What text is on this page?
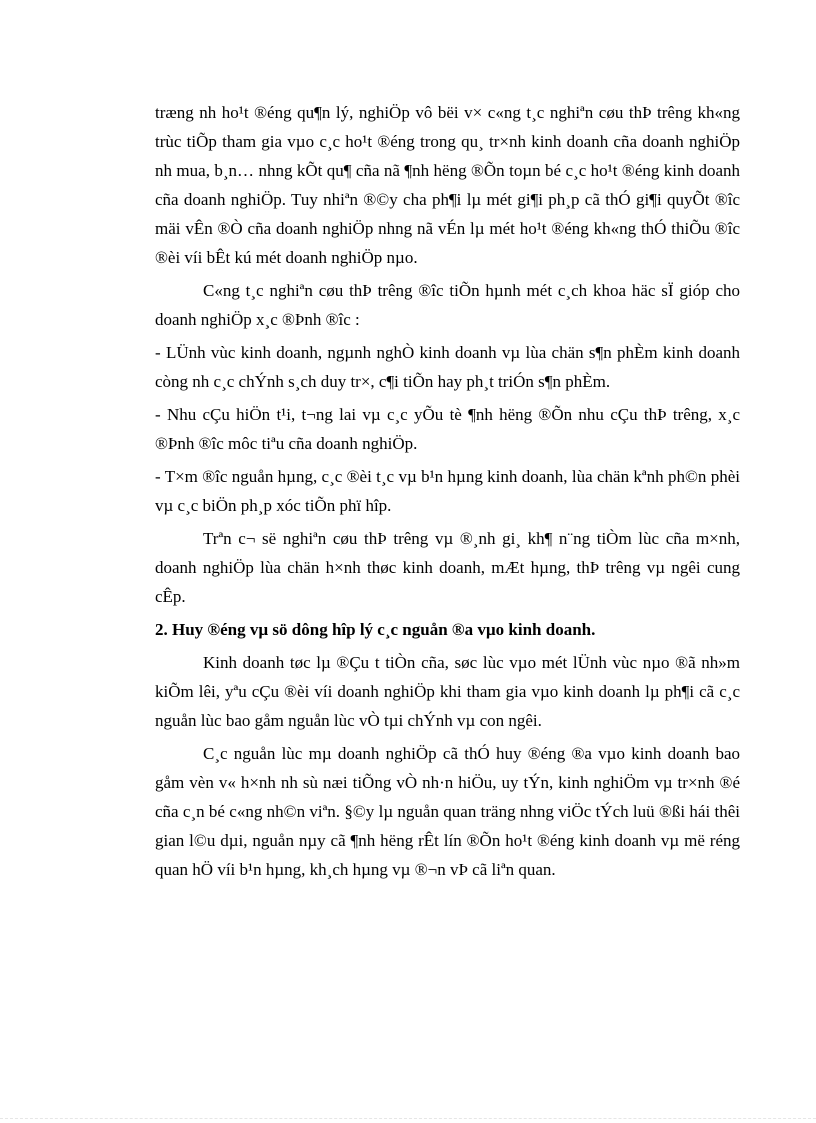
træng nh ho¹t ®éng qu¶n lý, nghiÖp vô bëi v× c«ng t¸c nghiªn cøu thÞ trêng kh«ng trùc tiÕp tham gia vµo c¸c ho¹t ®éng trong qu¸ tr×nh kinh doanh cña doanh nghiÖp nh mua, b¸n… nhng kÕt qu¶ cña nã ¶nh hëng ®Õn toµn bé c¸c ho¹t ®éng kinh doanh cña doanh nghiÖp. Tuy nhiªn ®©y cha ph¶i lµ mét gi¶i ph¸p cã thÓ gi¶i quyÕt ®îc mäi vÊn ®Ò cña doanh nghiÖp nhng nã vÉn lµ mét ho¹t ®éng kh«ng thÓ thiÕu ®îc ®èi víi bÊt kú mét doanh nghiÖp nµo.

C«ng t¸c nghiªn cøu thÞ trêng ®îc tiÕn hµnh mét c¸ch khoa häc sÏ gióp cho doanh nghiÖp x¸c ®Þnh ®îc :

- LÜnh vùc kinh doanh, ngµnh nghÒ kinh doanh vµ lùa chän s¶n phÈm kinh doanh còng nh c¸c chÝnh s¸ch duy tr×, c¶i tiÕn hay ph¸t triÓn s¶n phÈm.

- Nhu cÇu hiÖn t¹i, t¬ng lai vµ c¸c yÕu tè ¶nh hëng ®Õn nhu cÇu thÞ trêng, x¸c ®Þnh ®îc môc tiªu cña doanh nghiÖp.

- T×m ®îc nguån hµng, c¸c ®èi t¸c vµ b¹n hµng kinh doanh, lùa chän kªnh ph©n phèi vµ c¸c biÖn ph¸p xóc tiÕn phï hîp.

Trªn c¬ së nghiªn cøu thÞ trêng vµ ®¸nh gi¸ kh¶ n¨ng tiÒm lùc cña m×nh, doanh nghiÖp lùa chän h×nh thøc kinh doanh, mÆt hµng, thÞ trêng vµ ngêi cung cÊp.

2. Huy ®éng vµ sö dông hîp lý c¸c nguån ®a vµo kinh doanh.

Kinh doanh tøc lµ ®Çu t tiÒn cña, søc lùc vµo mét lÜnh vùc nµo ®ã nh»m kiÕm lêi, yªu cÇu ®èi víi doanh nghiÖp khi tham gia vµo kinh doanh lµ ph¶i cã c¸c nguån lùc bao gåm nguån lùc vÒ tµi chÝnh vµ con ngêi.

C¸c nguån lùc mµ doanh nghiÖp cã thÓ huy ®éng ®a vµo kinh doanh bao gåm vèn v« h×nh nh sù næi tiÕng vÒ nh·n hiÖu, uy tÝn, kinh nghiÖm vµ tr×nh ®é cña c¸n bé c«ng nh©n viªn. §©y lµ nguån quan träng nhng viÖc tÝch luü ®ßi hái thêi gian l©u dµi, nguån nµy cã ¶nh hëng rÊt lín ®Õn ho¹t ®éng kinh doanh vµ më réng quan hÖ víi b¹n hµng, kh¸ch hµng vµ ®¬n vÞ cã liªn quan.
